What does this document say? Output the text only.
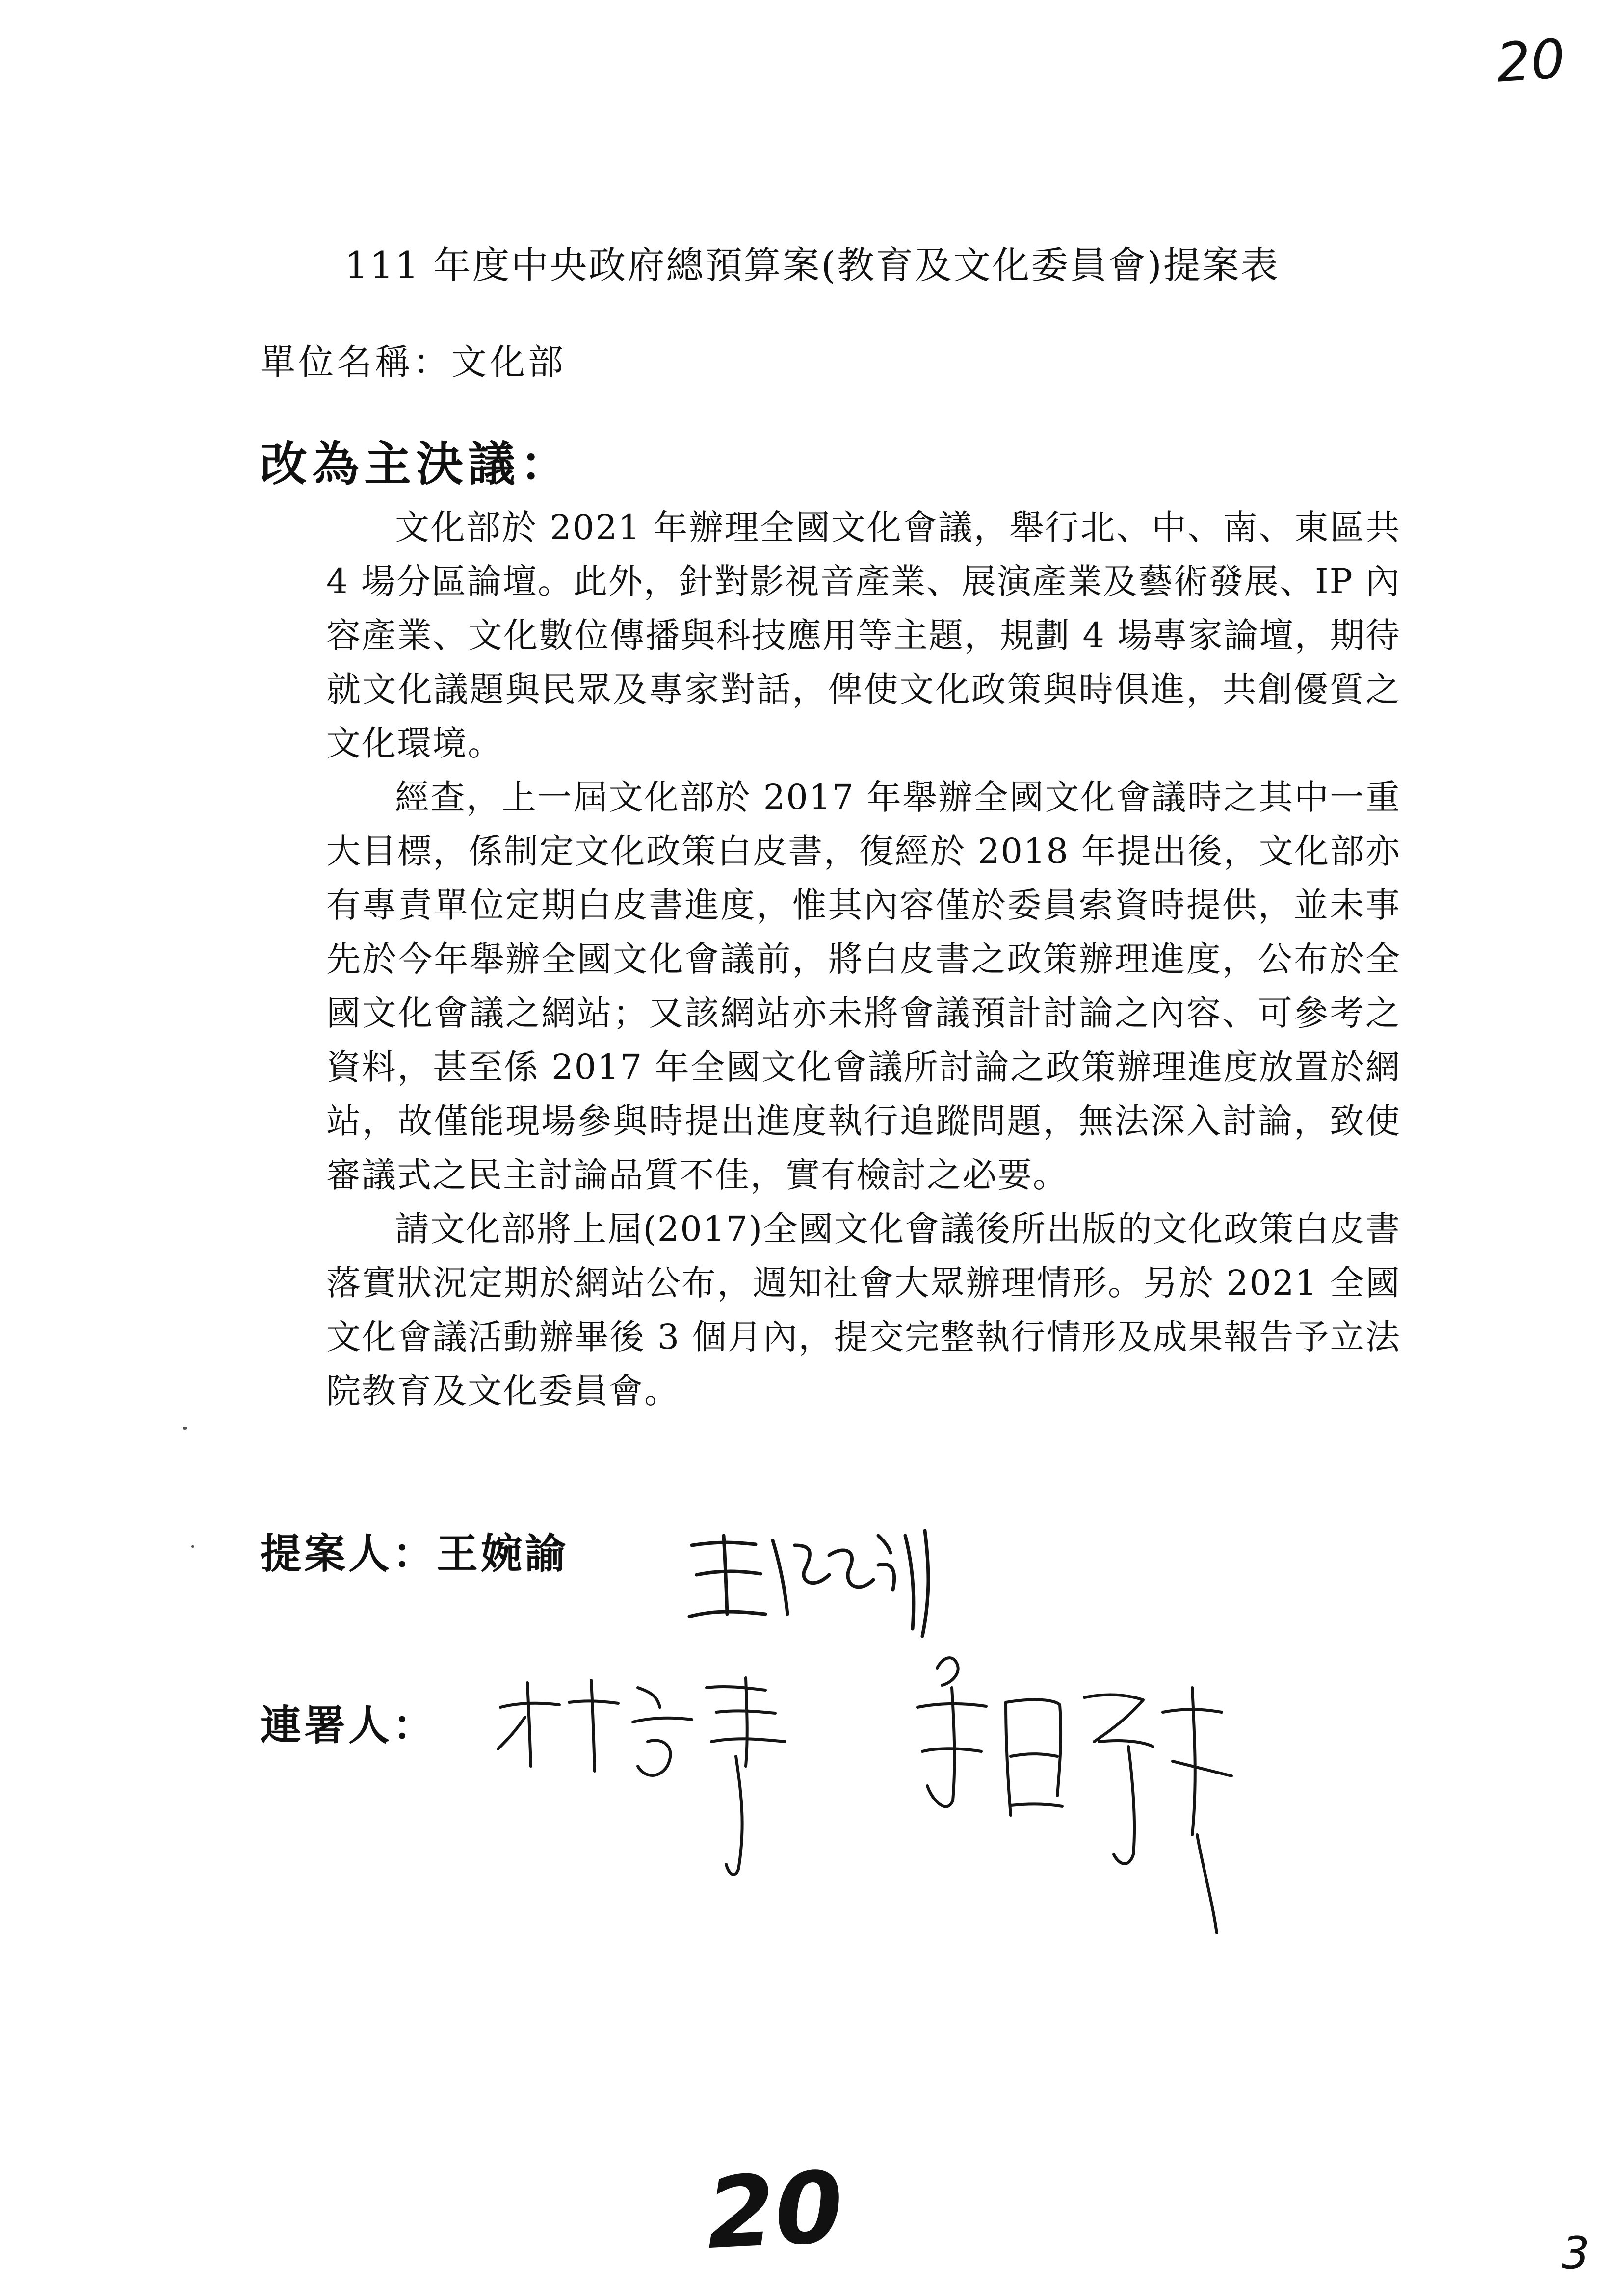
20
111 年度中央政府總預算案(教育及文化委員會)提案表
單位名稱：文化部
改為主決議：

文化部於 2021 年辦理全國文化會議，舉行北、中、南、東區共 4 場分區論壇。此外，針對影視音產業、展演產業及藝術發展、IP 內容產業、文化數位傳播與科技應用等主題，規劃 4 場專家論壇，期待就文化議題與民眾及專家對話，俾使文化政策與時俱進，共創優質之文化環境。

經查，上一屆文化部於 2017 年舉辦全國文化會議時之其中一重大目標，係制定文化政策白皮書，復經於 2018 年提出後，文化部亦有專責單位定期白皮書進度，惟其內容僅於委員索資時提供，並未事先於今年舉辦全國文化會議前，將白皮書之政策辦理進度，公布於全國文化會議之網站；又該網站亦未將會議預計討論之內容、可參考之資料，甚至係 2017 年全國文化會議所討論之政策辦理進度放置於網站，故僅能現場參與時提出進度執行追蹤問題，無法深入討論，致使審議式之民主討論品質不佳，實有檢討之必要。

請文化部將上屆(2017)全國文化會議後所出版的文化政策白皮書落實狀況定期於網站公布，週知社會大眾辦理情形。另於 2021 全國文化會議活動辦畢後 3 個月內，提交完整執行情形及成果報告予立法院教育及文化委員會。

提案人：王婉諭
連署人：
20	3
